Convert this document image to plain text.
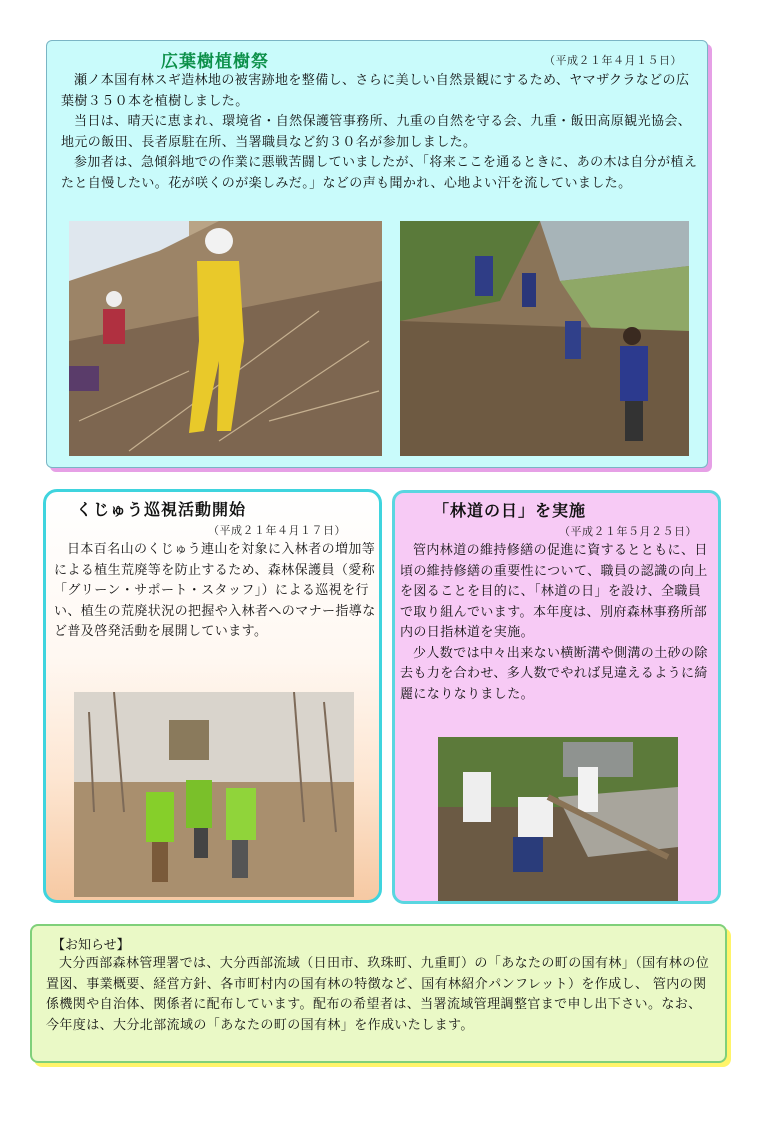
広葉樹植樹祭	（平成２１年４月１５日）

瀬ノ本国有林スギ造林地の被害跡地を整備し、さらに美しい自然景観にするため、ヤマザクラなどの広葉樹３５０本を植樹しました。

当日は、晴天に恵まれ、環境省・自然保護管事務所、九重の自然を守る会、九重・飯田高原観光協会、地元の飯田、長者原駐在所、当署職員など約３０名が参加しました。

参加者は、急傾斜地での作業に悪戦苦闘していましたが、「将来ここを通るときに、あの木は自分が植えたと自慢したい。花が咲くのが楽しみだ。」などの声も聞かれ、心地よい汗を流していました。

くじゅう巡視活動開始
（平成２１年４月１７日）

日本百名山のくじゅう連山を対象に入林者の増加等による植生荒廃等を防止するため、森林保護員（愛称「グリーン・サポート・スタッフ」）による巡視を行い、植生の荒廃状況の把握や入林者へのマナー指導など普及啓発活動を展開しています。

「林道の日」を実施
（平成２１年５月２５日）

管内林道の維持修繕の促進に資するとともに、日頃の維持修繕の重要性について、職員の認識の向上を図ることを目的に、「林道の日」を設け、全職員で取り組んでいます。本年度は、別府森林事務所部内の日指林道を実施。

少人数では中々出来ない横断溝や側溝の土砂の除去も力を合わせ、多人数でやれば見違えるように綺麗になりなりました。

【お知らせ】

大分西部森林管理署では、大分西部流域（日田市、玖珠町、九重町）の「あなたの町の国有林」（国有林の位置図、事業概要、経営方針、各市町村内の国有林の特徴など、国有林紹介パンフレット）を作成し、 管内の関係機関や自治体、関係者に配布しています。配布の希望者は、当署流域管理調整官まで申し出下さい。なお、今年度は、大分北部流域の「あなたの町の国有林」を作成いたします。
